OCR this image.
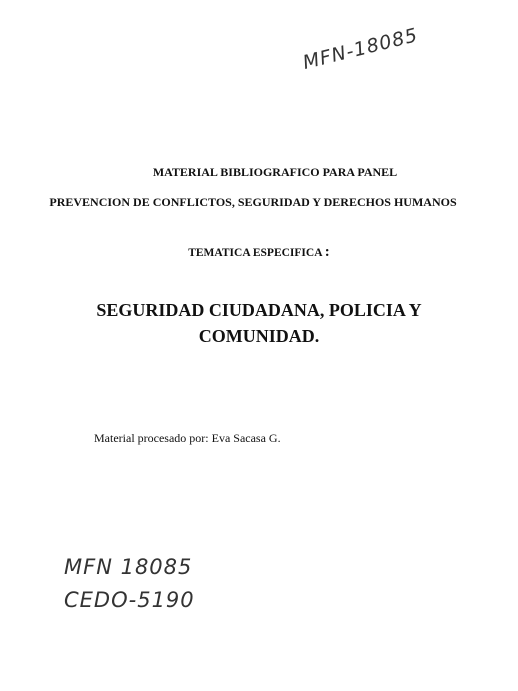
MFN-18085
MATERIAL BIBLIOGRAFICO PARA PANEL
PREVENCION DE CONFLICTOS, SEGURIDAD Y DERECHOS HUMANOS
TEMATICA ESPECIFICA :
SEGURIDAD CIUDADANA, POLICIA Y
COMUNIDAD.
Material procesado por: Eva Sacasa G.
MFN 18085
CEDO-5190
